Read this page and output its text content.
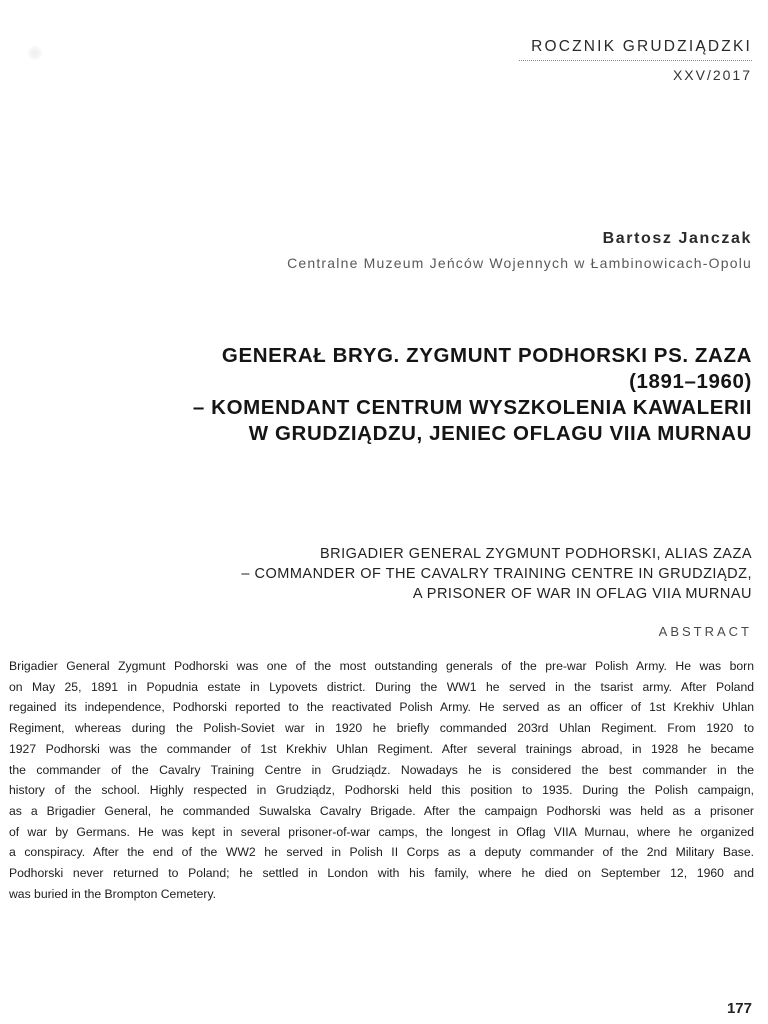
ROCZNIK GRUDZIĄDZKI
XXV/2017
Bartosz Janczak
Centralne Muzeum Jeńców Wojennych w Łambinowicach-Opolu
GENERAŁ BRYG. ZYGMUNT PODHORSKI PS. ZAZA
(1891–1960)
– KOMENDANT CENTRUM WYSZKOLENIA KAWALERII
W GRUDZIĄDZU, JENIEC OFLAGU VIIA MURNAU
BRIGADIER GENERAL ZYGMUNT PODHORSKI, ALIAS ZAZA
– COMMANDER OF THE CAVALRY TRAINING CENTRE IN GRUDZIĄDZ,
A PRISONER OF WAR IN OFLAG VIIA MURNAU
ABSTRACT
Brigadier General Zygmunt Podhorski was one of the most outstanding generals of the pre-war Polish Army. He was born
on May 25, 1891 in Popudnia estate in Lypovets district. During the WW1 he served in the tsarist army. After Poland
regained its independence, Podhorski reported to the reactivated Polish Army. He served as an officer of 1st Krekhiv Uhlan
Regiment, whereas during the Polish-Soviet war in 1920 he briefly commanded 203rd Uhlan Regiment. From 1920 to
1927 Podhorski was the commander of 1st Krekhiv Uhlan Regiment. After several trainings abroad, in 1928 he became
the commander of the Cavalry Training Centre in Grudziądz. Nowadays he is considered the best commander in the
history of the school. Highly respected in Grudziądz, Podhorski held this position to 1935. During the Polish campaign,
as a Brigadier General, he commanded Suwalska Cavalry Brigade. After the campaign Podhorski was held as a prisoner
of war by Germans. He was kept in several prisoner-of-war camps, the longest in Oflag VIIA Murnau, where he organized
a conspiracy. After the end of the WW2 he served in Polish II Corps as a deputy commander of the 2nd Military Base.
Podhorski never returned to Poland; he settled in London with his family, where he died on September 12, 1960 and
was buried in the Brompton Cemetery.
177
